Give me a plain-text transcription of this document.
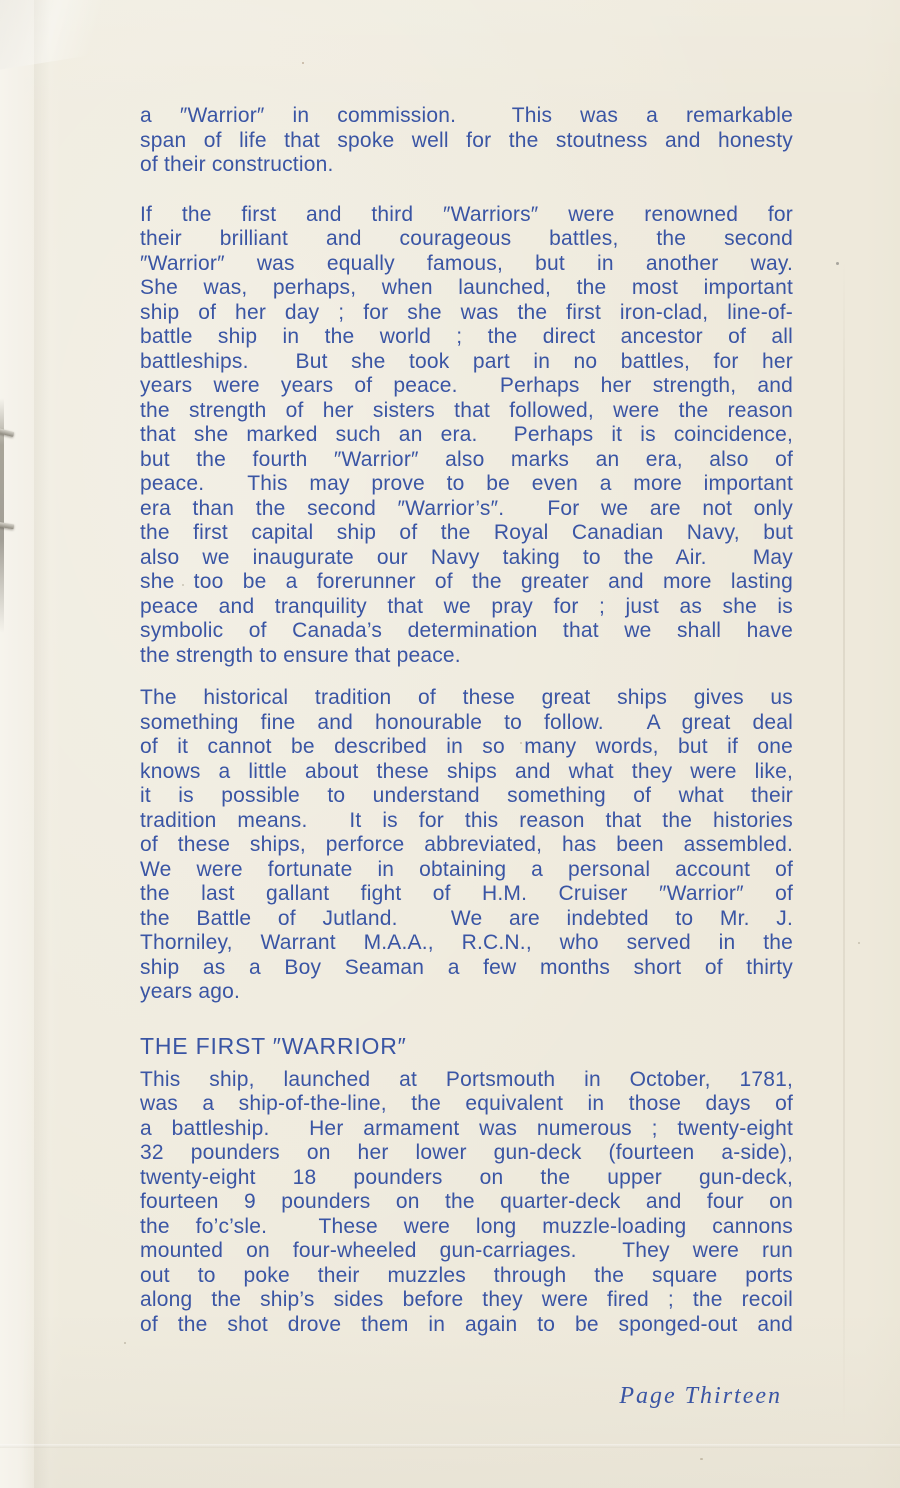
a ″Warrior″ in commission.  This was a remarkable
span of life that spoke well for the stoutness and honesty
of their construction.

If the first and third ″Warriors″ were renowned for
their brilliant and courageous battles, the second
″Warrior″ was equally famous, but in another way.
She was, perhaps, when launched, the most important
ship of her day ; for she was the first iron-clad, line-of-
battle ship in the world ; the direct ancestor of all
battleships.  But she took part in no battles, for her
years were years of peace.  Perhaps her strength, and
the strength of her sisters that followed, were the reason
that she marked such an era.  Perhaps it is coincidence,
but the fourth ″Warrior″ also marks an era, also of
peace.  This may prove to be even a more important
era than the second ″Warrior’s″.  For we are not only
the first capital ship of the Royal Canadian Navy, but
also we inaugurate our Navy taking to the Air.  May
she too be a forerunner of the greater and more lasting
peace and tranquility that we pray for ; just as she is
symbolic of Canada’s determination that we shall have
the strength to ensure that peace.

The historical tradition of these great ships gives us
something fine and honourable to follow.  A great deal
of it cannot be described in so many words, but if one
knows a little about these ships and what they were like,
it is possible to understand something of what their
tradition means.  It is for this reason that the histories
of these ships, perforce abbreviated, has been assembled.
We were fortunate in obtaining a personal account of
the last gallant fight of H.M. Cruiser ″Warrior″ of
the Battle of Jutland.  We are indebted to Mr. J.
Thorniley, Warrant M.A.A., R.C.N., who served in the
ship as a Boy Seaman a few months short of thirty
years ago.

THE FIRST ″WARRIOR″

This ship, launched at Portsmouth in October, 1781,
was a ship-of-the-line, the equivalent in those days of
a battleship.  Her armament was numerous ; twenty-eight
32 pounders on her lower gun-deck (fourteen a-side),
twenty-eight 18 pounders on the upper gun-deck,
fourteen 9 pounders on the quarter-deck and four on
the fo’c’sle.  These were long muzzle-loading cannons
mounted on four-wheeled gun-carriages.  They were run
out to poke their muzzles through the square ports
along the ship’s sides before they were fired ; the recoil
of the shot drove them in again to be sponged-out and

Page Thirteen
